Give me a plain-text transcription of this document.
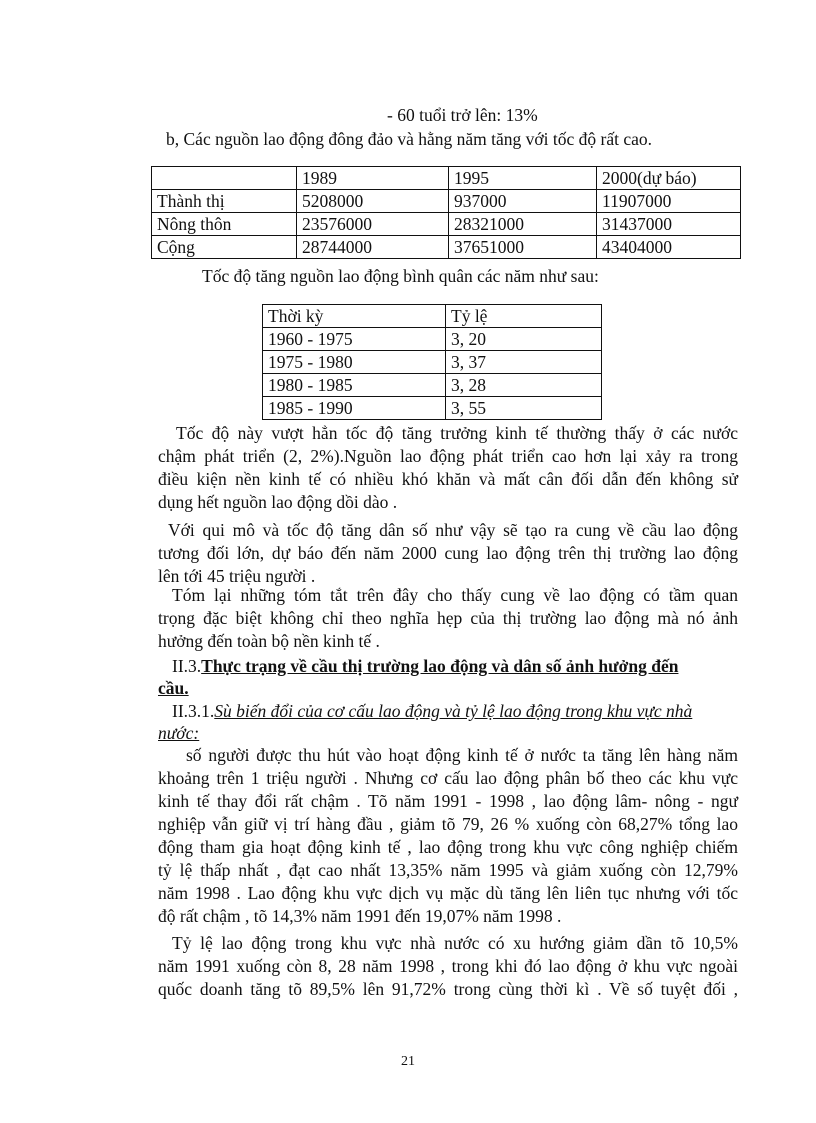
- 60 tuổi trở lên: 13%
b, Các nguồn lao động đông đảo và hằng năm tăng với tốc độ rất cao.
	1989	1995	2000(dự báo)
Thành thị	5208000	937000	11907000
Nông thôn	23576000	28321000	31437000
Cộng	28744000	37651000	43404000
Tốc độ tăng nguồn lao động bình quân các năm như sau:
Thời kỳ	Tỷ lệ
1960 - 1975	3, 20
1975 - 1980	3, 37
1980 - 1985	3, 28
1985 - 1990	3, 55
Tốc độ này vượt hẳn tốc độ tăng trưởng kinh tế thường thấy ở các nước
chậm phát triển (2, 2%).Nguồn lao động phát triển cao hơn lại xảy ra trong
điều kiện nền kinh tế có nhiều khó khăn và mất cân đối dẫn đến không sử
dụng hết nguồn lao động dồi dào .
Với qui mô và tốc độ tăng dân số như vậy sẽ tạo ra cung về cầu lao động
tương đối lớn, dự báo đến năm 2000 cung lao động trên thị trường lao động
lên tới 45 triệu người .
Tóm lại những tóm tắt trên đây cho thấy cung về lao động có tầm quan
trọng đặc biệt không chỉ theo nghĩa hẹp của thị trường lao động mà nó ảnh
hưởng đến toàn bộ nền kinh tế .
II.3.Thực trạng về cầu thị trường lao động và dân số ảnh hưởng đến
cầu.
II.3.1.Sù biến đổi của cơ cấu lao động và tỷ lệ lao động trong khu vực nhà
nước:
số người được thu hút vào hoạt động kinh tế ở nước ta tăng lên hàng năm
khoảng trên 1 triệu người . Nhưng cơ cấu lao động phân bố theo các khu vực
kinh tế thay đổi rất chậm . Tõ năm 1991 - 1998 , lao động lâm- nông - ngư
nghiệp vẫn giữ vị trí hàng đầu , giảm tõ 79, 26 % xuống còn 68,27% tổng lao
động tham gia hoạt động kinh tế , lao động trong khu vực công nghiệp chiếm
tỷ lệ thấp nhất , đạt cao nhất 13,35% năm 1995 và giảm xuống còn 12,79%
năm 1998 . Lao động khu vực dịch vụ mặc dù tăng lên liên tục nhưng với tốc
độ rất chậm , tõ 14,3% năm 1991 đến 19,07% năm 1998 .
Tỷ lệ lao động trong khu vực nhà nước có xu hướng giảm dần tõ 10,5%
năm 1991 xuống còn 8, 28 năm 1998 , trong khi đó lao động ở khu vực ngoài
quốc doanh tăng tõ 89,5% lên 91,72% trong cùng thời kì . Về số tuyệt đối ,
21
